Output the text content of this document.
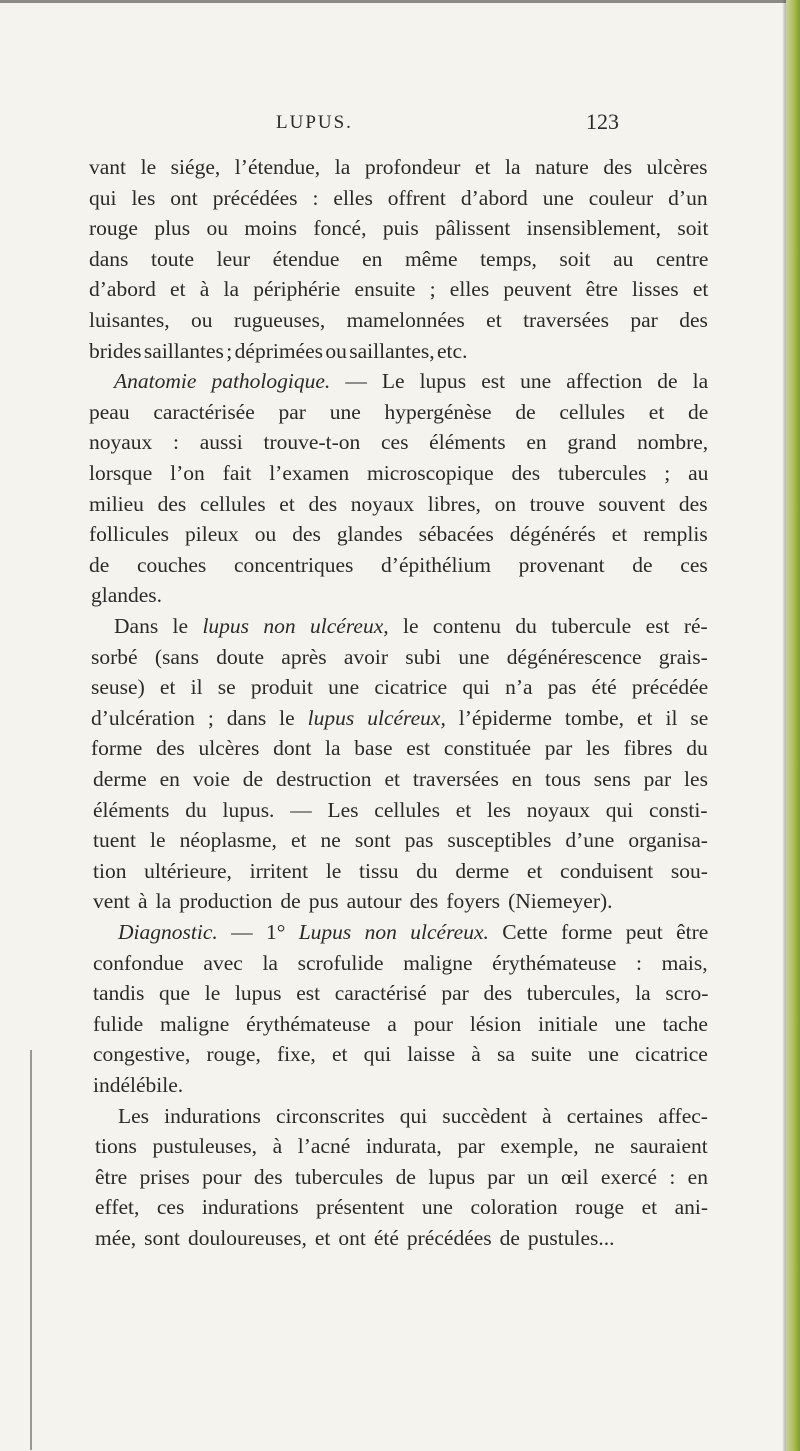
LUPUS.	123
vant le siége, l’étendue, la profondeur et la nature des ulcères
qui les ont précédées : elles offrent d’abord une couleur d’un
rouge plus ou moins foncé, puis pâlissent insensiblement, soit
dans toute leur étendue en même temps, soit au centre
d’abord et à la périphérie ensuite ; elles peuvent être lisses et
luisantes, ou rugueuses, mamelonnées et traversées par des
brides saillantes ; déprimées ou saillantes, etc.
Anatomie pathologique. — Le lupus est une affection de la
peau caractérisée par une hypergénèse de cellules et de
noyaux : aussi trouve-t-on ces éléments en grand nombre,
lorsque l’on fait l’examen microscopique des tubercules ; au
milieu des cellules et des noyaux libres, on trouve souvent des
follicules pileux ou des glandes sébacées dégénérés et remplis
de couches concentriques d’épithélium provenant de ces
glandes.
Dans le lupus non ulcéreux, le contenu du tubercule est ré-
sorbé (sans doute après avoir subi une dégénérescence grais-
seuse) et il se produit une cicatrice qui n’a pas été précédée
d’ulcération ; dans le lupus ulcéreux, l’épiderme tombe, et il se
forme des ulcères dont la base est constituée par les fibres du
derme en voie de destruction et traversées en tous sens par les
éléments du lupus. — Les cellules et les noyaux qui consti-
tuent le néoplasme, et ne sont pas susceptibles d’une organisa-
tion ultérieure, irritent le tissu du derme et conduisent sou-
vent à la production de pus autour des foyers (Niemeyer).
Diagnostic. — 1° Lupus non ulcéreux. Cette forme peut être
confondue avec la scrofulide maligne érythémateuse : mais,
tandis que le lupus est caractérisé par des tubercules, la scro-
fulide maligne érythémateuse a pour lésion initiale une tache
congestive, rouge, fixe, et qui laisse à sa suite une cicatrice
indélébile.
Les indurations circonscrites qui succèdent à certaines affec-
tions pustuleuses, à l’acné indurata, par exemple, ne sauraient
être prises pour des tubercules de lupus par un œil exercé : en
effet, ces indurations présentent une coloration rouge et ani-
mée, sont douloureuses, et ont été précédées de pustules...
